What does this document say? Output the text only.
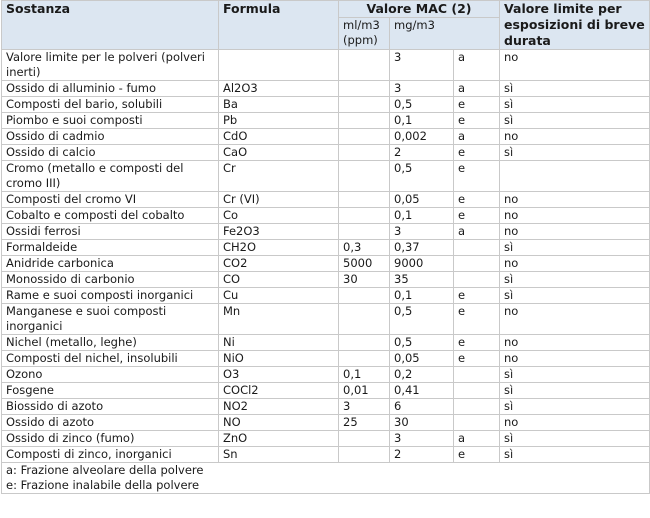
Sostanza	Formula	Valore MAC (2)			Valore limite per esposizioni di breve durata
		ml/m3 (ppm)	mg/m3		
Valore limite per le polveri (polveri inerti)			3	a	no
Ossido di alluminio - fumo	Al2O3		3	a	sì
Composti del bario, solubili	Ba		0,5	e	sì
Piombo e suoi composti	Pb		0,1	e	sì
Ossido di cadmio	CdO		0,002	a	no
Ossido di calcio	CaO		2	e	sì
Cromo (metallo e composti del cromo III)	Cr		0,5	e	
Composti del cromo VI	Cr (VI)		0,05	e	no
Cobalto e composti del cobalto	Co		0,1	e	no
Ossidi ferrosi	Fe2O3		3	a	no
Formaldeide	CH2O	0,3	0,37		sì
Anidride carbonica	CO2	5000	9000		no
Monossido di carbonio	CO	30	35		sì
Rame e suoi composti inorganici	Cu		0,1	e	sì
Manganese e suoi composti inorganici	Mn		0,5	e	no
Nichel (metallo, leghe)	Ni		0,5	e	no
Composti del nichel, insolubili	NiO		0,05	e	no
Ozono	O3	0,1	0,2		sì
Fosgene	COCl2	0,01	0,41		sì
Biossido di azoto	NO2	3	6		sì
Ossido di azoto	NO	25	30		no
Ossido di zinco (fumo)	ZnO		3	a	sì
Composti di zinco, inorganici	Sn		2	e	sì
a: Frazione alveolare della polvere					
e: Frazione inalabile della polvere					
